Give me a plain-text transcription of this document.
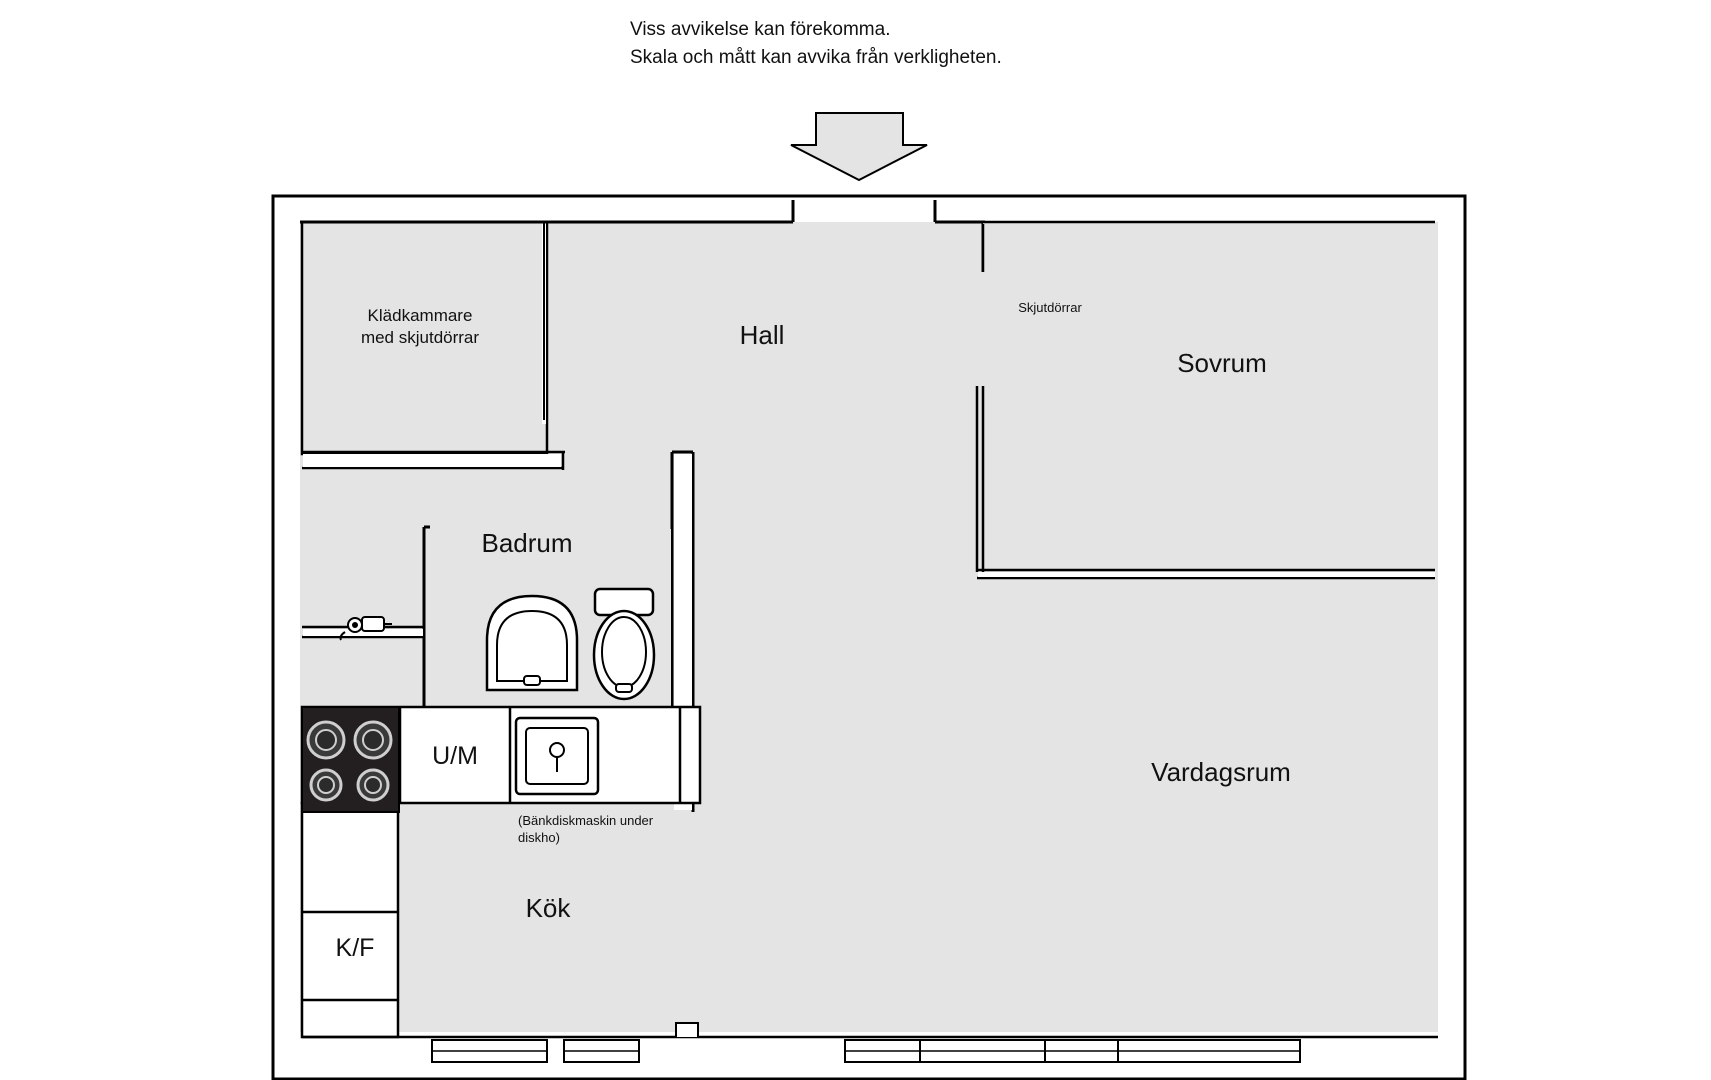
Viss avvikelse kan förekomma.
Skala och mått kan avvika från verkligheten.
Klädkammare
med skjutdörrar	Hall
Sovrum
Skjutdörrar
Badrum
Vardagsrum
Kök
U/M
K/F
(Bänkdiskmaskin under
diskho)
